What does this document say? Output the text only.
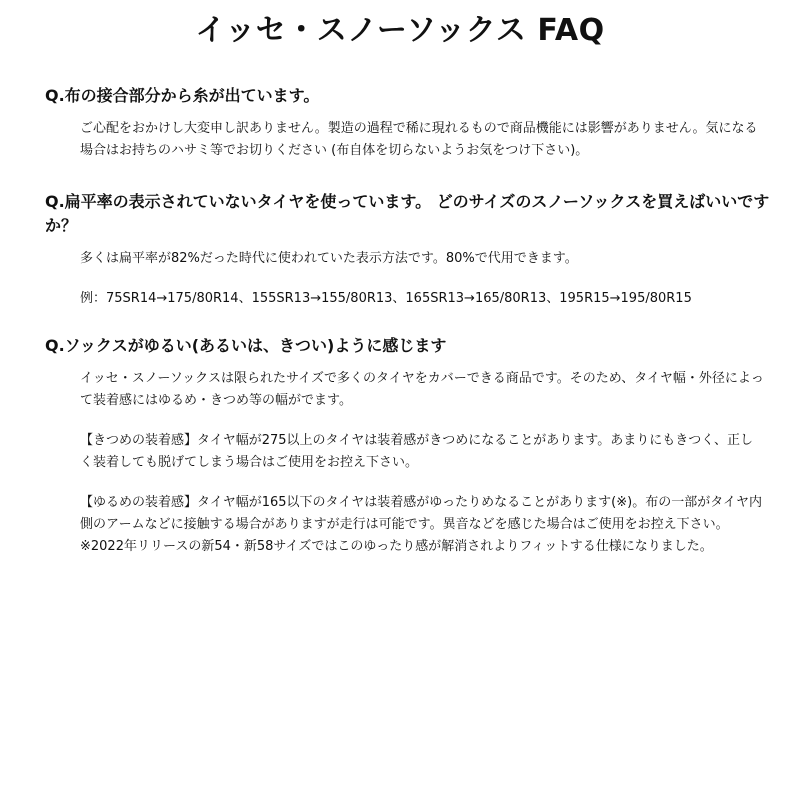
イッセ・スノーソックス FAQ
Q.布の接合部分から糸が出ています。

ご心配をおかけし大変申し訳ありません。製造の過程で稀に現れるもので商品機能には影響がありません。気になる場合はお持ちのハサミ等でお切りください (布自体を切らないようお気をつけ下さい)。

Q.扁平率の表示されていないタイヤを使っています。 どのサイズのスノーソックスを買えばいいですか？

多くは扁平率が82%だった時代に使われていた表示方法です。80%で代用できます。

例：75SR14→175/80R14、155SR13→155/80R13、165SR13→165/80R13、195R15→195/80R15

Q.ソックスがゆるい(あるいは、きつい)ように感じます

イッセ・スノーソックスは限られたサイズで多くのタイヤをカバーできる商品です。そのため、タイヤ幅・外径によって装着感にはゆるめ・きつめ等の幅がでます。

【きつめの装着感】タイヤ幅が275以上のタイヤは装着感がきつめになることがあります。あまりにもきつく、正しく装着しても脱げてしまう場合はご使用をお控え下さい。

【ゆるめの装着感】タイヤ幅が165以下のタイヤは装着感がゆったりめなることがあります(※)。布の一部がタイヤ内側のアームなどに接触する場合がありますが走行は可能です。異音などを感じた場合はご使用をお控え下さい。※2022年リリースの新54・新58サイズではこのゆったり感が解消されよりフィットする仕様になりました。
